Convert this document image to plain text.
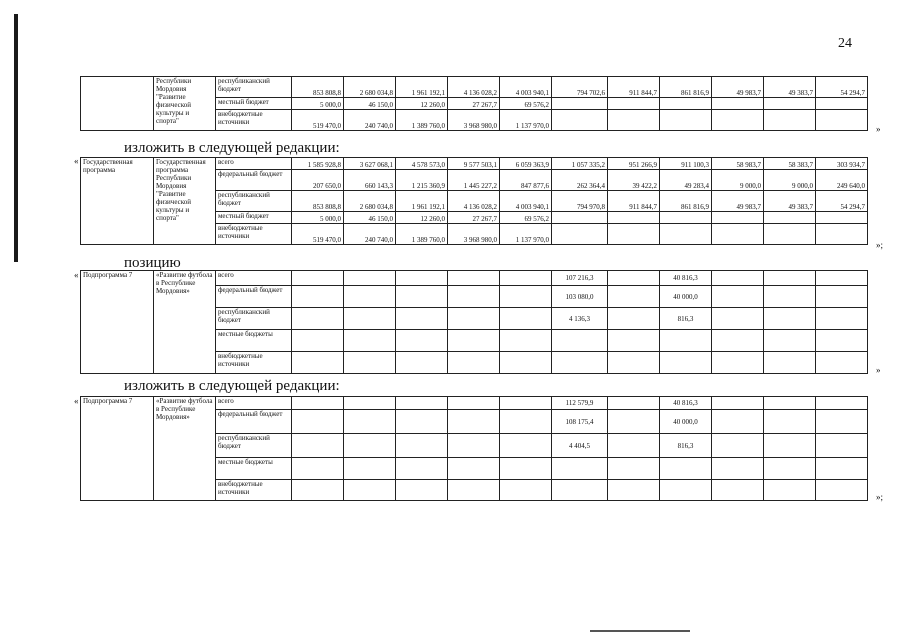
24
	Республики Мордовия "Развитие физической культуры и спорта"	республиканский бюджет	853 808,8	2 680 034,8	1 961 192,1	4 136 028,2	4 003 940,1	794 702,6	911 844,7	861 816,9	49 983,7	49 383,7	54 294,7
		местный бюджет	5 000,0	46 150,0	12 260,0	27 267,7	69 576,2						
		внебюджетные источники	519 470,0	240 740,0	1 389 760,0	3 968 980,0	1 137 970,0							»
изложить в следующей редакции:
« Государственная программа	Государственная программа Республики Мордовия "Развитие физической культуры и спорта"	всего	1 585 928,8	3 627 068,1	4 578 573,0	9 577 503,1	6 059 363,9	1 057 335,2	951 266,9	911 100,3	58 983,7	58 383,7	303 934,7
		федеральный бюджет	207 650,0	660 143,3	1 215 360,9	1 445 227,2	847 877,6	262 364,4	39 422,2	49 283,4	9 000,0	9 000,0	249 640,0
		республиканский бюджет	853 808,8	2 680 034,8	1 961 192,1	4 136 028,2	4 003 940,1	794 970,8	911 844,7	861 816,9	49 983,7	49 383,7	54 294,7
		местный бюджет	5 000,0	46 150,0	12 260,0	27 267,7	69 576,2						
		внебюджетные источники	519 470,0	240 740,0	1 389 760,0	3 968 980,0	1 137 970,0							»;
позицию
« Подпрограмма 7	«Развитие футбола в Республике Мордовия»	всего						107 216,3		40 816,3			
		федеральный бюджет						103 080,0		40 000,0			
		республиканский бюджет						4 136,3		816,3			
		местные бюджеты											
		внебюджетные источники											
»
изложить в следующей редакции:
« Подпрограмма 7	«Развитие футбола в Республике Мордовия»	всего						112 579,9		40 816,3			
		федеральный бюджет						108 175,4		40 000,0			
		республиканский бюджет						4 404,5		816,3			
		местные бюджеты											
		внебюджетные источники												»;
